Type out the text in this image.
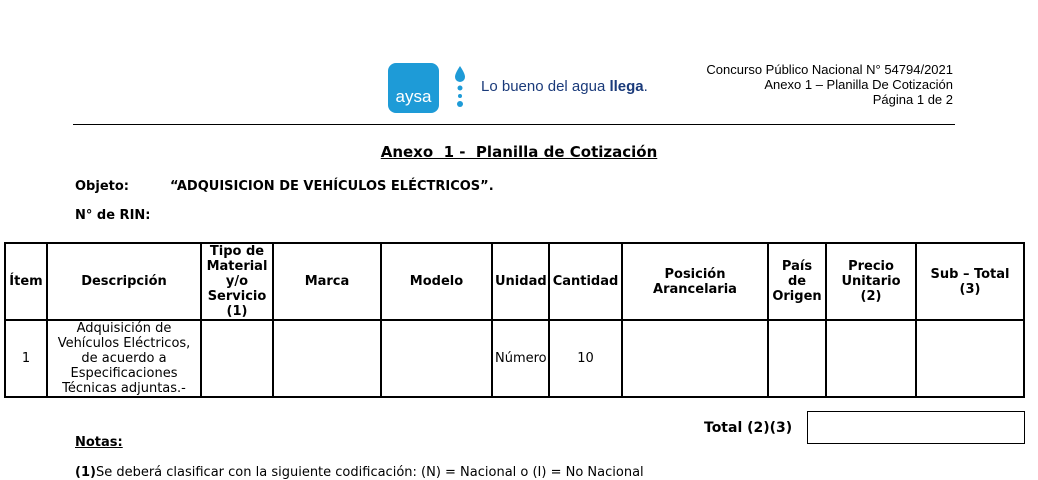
aysa
Lo bueno del agua llega.
Concurso Público Nacional N° 54794/2021
Anexo 1 – Planilla De Cotización
Página 1 de 2
Anexo  1 -  Planilla de Cotización
Objeto:	“ADQUISICION DE VEHÍCULOS ELÉCTRICOS”.
N° de RIN:
Ítem	Descripción	Tipo de Material y/o Servicio (1)	Marca	Modelo	Unidad	Cantidad	Posición Arancelaria	País de Origen	Precio Unitario (2)	Sub – Total (3)
1	Adquisición de Vehículos Eléctricos, de acuerdo a Especificaciones Técnicas adjuntas.-				Número	10				
Total (2)(3)
Notas:
(1)Se deberá clasificar con la siguiente codificación: (N) = Nacional o (I) = No Nacional
